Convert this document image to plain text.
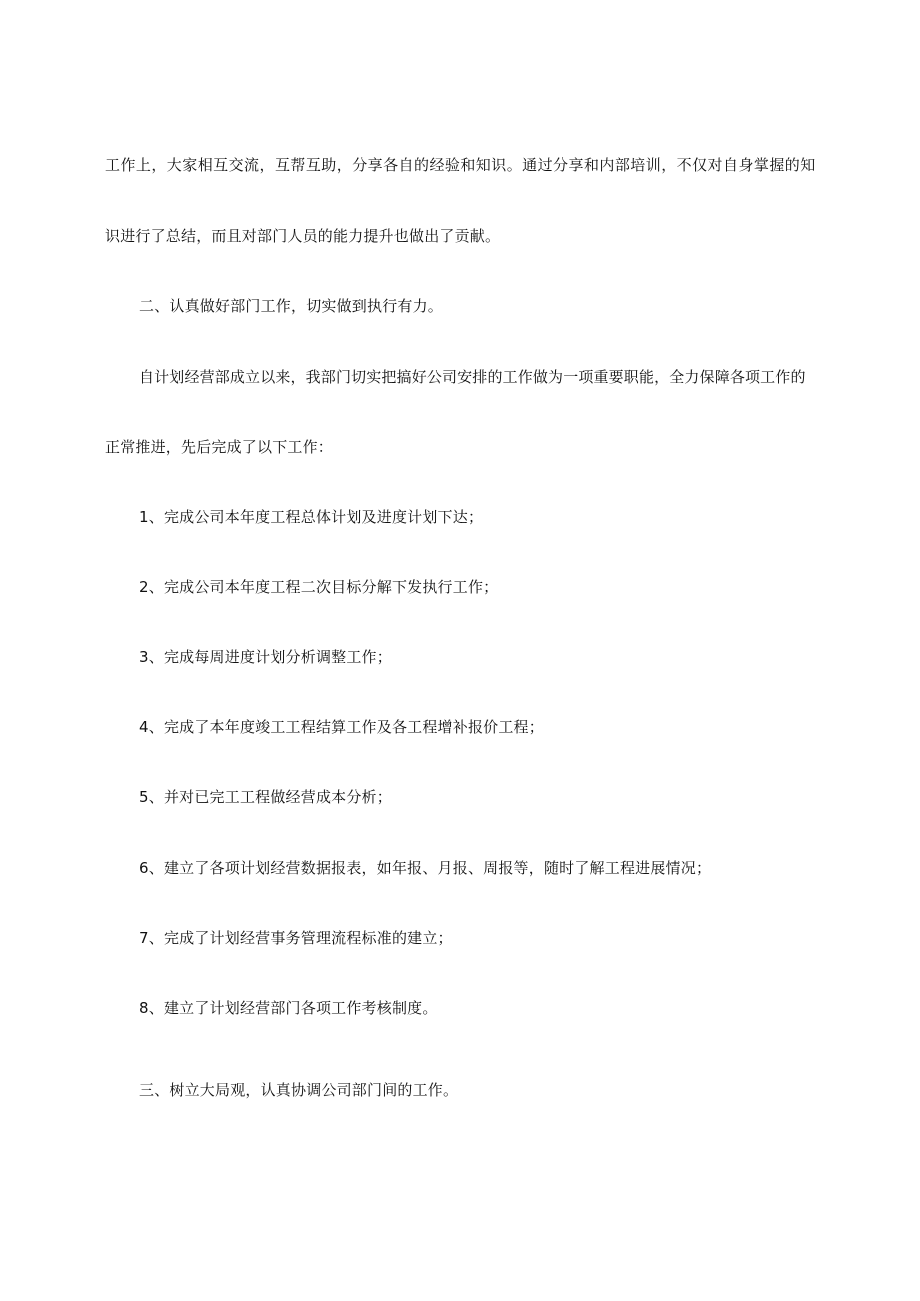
工作上，大家相互交流，互帮互助，分享各自的经验和知识。通过分享和内部培训，不仅对自身掌握的知
识进行了总结，而且对部门人员的能力提升也做出了贡献。
二、认真做好部门工作，切实做到执行有力。
自计划经营部成立以来，我部门切实把搞好公司安排的工作做为一项重要职能，全力保障各项工作的
正常推进，先后完成了以下工作：
1、完成公司本年度工程总体计划及进度计划下达；
2、完成公司本年度工程二次目标分解下发执行工作；
3、完成每周进度计划分析调整工作；
4、完成了本年度竣工工程结算工作及各工程增补报价工程；
5、并对已完工工程做经营成本分析；
6、建立了各项计划经营数据报表，如年报、月报、周报等，随时了解工程进展情况；
7、完成了计划经营事务管理流程标准的建立；
8、建立了计划经营部门各项工作考核制度。
三、树立大局观，认真协调公司部门间的工作。
